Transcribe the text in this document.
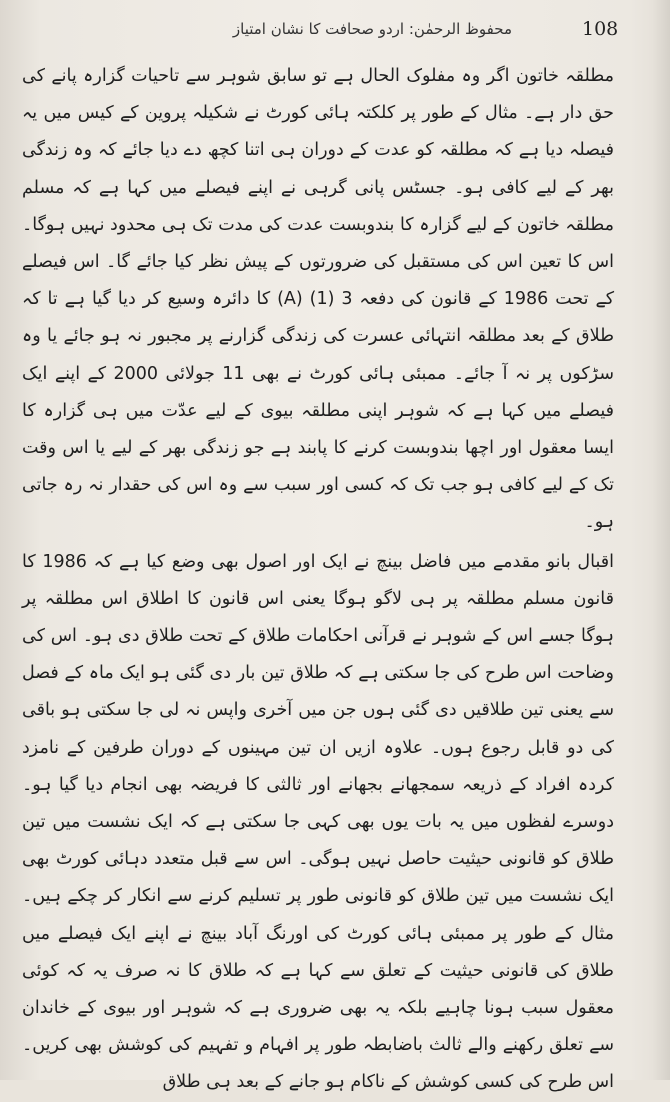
محفوظ الرحمٰن: اردو صحافت کا نشان امتیاز	108

مطلقہ خاتون اگر وہ مفلوک الحال ہے تو سابق شوہر سے تاحیات گزارہ پانے کی حق دار ہے۔ مثال کے طور پر کلکتہ ہائی کورٹ نے شکیلہ پروین کے کیس میں یہ فیصلہ دیا ہے کہ مطلقہ کو عدت کے دوران ہی اتنا کچھ دے دیا جائے کہ وہ زندگی بھر کے لیے کافی ہو۔ جسٹس پانی گرہی نے اپنے فیصلے میں کہا ہے کہ مسلم مطلقہ خاتون کے لیے گزارہ کا بندوبست عدت کی مدت تک ہی محدود نہیں ہوگا۔ اس کا تعین اس کی مستقبل کی ضرورتوں کے پیش نظر کیا جائے گا۔ اس فیصلے کے تحت 1986 کے قانون کی دفعہ 3 (1) (A) کا دائرہ وسیع کر دیا گیا ہے تا کہ طلاق کے بعد مطلقہ انتہائی عسرت کی زندگی گزارنے پر مجبور نہ ہو جائے یا وہ سڑکوں پر نہ آ جائے۔ ممبئی ہائی کورٹ نے بھی 11 جولائی 2000 کے اپنے ایک فیصلے میں کہا ہے کہ شوہر اپنی مطلقہ بیوی کے لیے عدّت میں ہی گزارہ کا ایسا معقول اور اچھا بندوبست کرنے کا پابند ہے جو زندگی بھر کے لیے یا اس وقت تک کے لیے کافی ہو جب تک کہ کسی اور سبب سے وہ اس کی حقدار نہ رہ جاتی ہو۔

اقبال بانو مقدمے میں فاضل بینچ نے ایک اور اصول بھی وضع کیا ہے کہ 1986 کا قانون مسلم مطلقہ پر ہی لاگو ہوگا یعنی اس قانون کا اطلاق اس مطلقہ پر ہوگا جسے اس کے شوہر نے قرآنی احکامات طلاق کے تحت طلاق دی ہو۔ اس کی وضاحت اس طرح کی جا سکتی ہے کہ طلاق تین بار دی گئی ہو ایک ماہ کے فصل سے یعنی تین طلاقیں دی گئی ہوں جن میں آخری واپس نہ لی جا سکتی ہو باقی کی دو قابل رجوع ہوں۔ علاوہ ازیں ان تین مہینوں کے دوران طرفین کے نامزد کردہ افراد کے ذریعہ سمجھانے بجھانے اور ثالثی کا فریضہ بھی انجام دیا گیا ہو۔ دوسرے لفظوں میں یہ بات یوں بھی کہی جا سکتی ہے کہ ایک نشست میں تین طلاق کو قانونی حیثیت حاصل نہیں ہوگی۔ اس سے قبل متعدد دہائی کورٹ بھی ایک نشست میں تین طلاق کو قانونی طور پر تسلیم کرنے سے انکار کر چکے ہیں۔ مثال کے طور پر ممبئی ہائی کورٹ کی اورنگ آباد بینچ نے اپنے ایک فیصلے میں طلاق کی قانونی حیثیت کے تعلق سے کہا ہے کہ طلاق کا نہ صرف یہ کہ کوئی معقول سبب ہونا چاہیے بلکہ یہ بھی ضروری ہے کہ شوہر اور بیوی کے خاندان سے تعلق رکھنے والے ثالث باضابطہ طور پر افہام و تفہیم کی کوشش بھی کریں۔ اس طرح کی کسی کوشش کے ناکام ہو جانے کے بعد ہی طلاق
